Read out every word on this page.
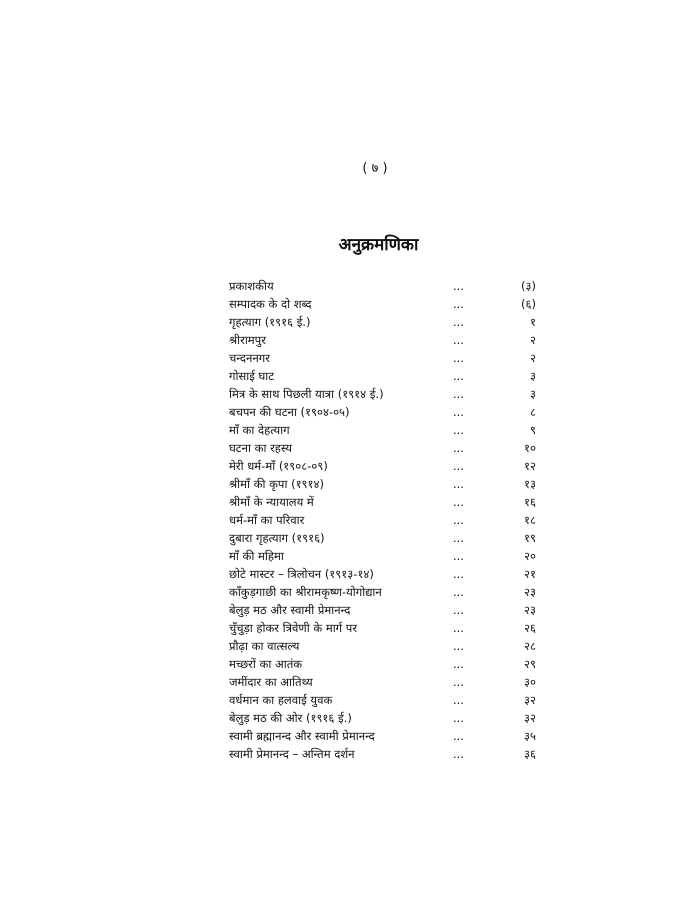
( ७ )
अनुक्रमणिका
प्रकाशकीय	...	(३)
सम्पादक के दो शब्द	...	(६)
गृहत्याग (१९१६ ई.)	...	१
श्रीरामपुर	...	२
चन्दननगर	...	२
गोसाई घाट	...	३
मित्र के साथ पिछली यात्रा (१९१४ ई.)	...	३
बचपन की घटना (१९०४-०५)	...	८
माँ का देहत्याग	...	९
घटना का रहस्य	...	१०
मेरी धर्म-माँ (१९०८-०९)	...	१२
श्रीमाँ की कृपा (१९१४)	...	१३
श्रीमाँ के न्यायालय में	...	१६
धर्म-माँ का परिवार	...	१८
दुबारा गृहत्याग (१९१६)	...	१९
माँ की महिमा	...	२०
छोटे मास्टर – त्रिलोचन (१९१३-१४)	...	२१
काँकुड़गाछी का श्रीरामकृष्ण-योगोद्यान	...	२३
बेलुड़ मठ और स्वामी प्रेमानन्द	...	२३
चुँचुड़ा होकर त्रिवेणी के मार्ग पर	...	२६
प्रौढ़ा का वात्सल्य	...	२८
मच्छरों का आतंक	...	२९
जमींदार का आतिथ्य	...	३०
वर्धमान का हलवाई युवक	...	३२
बेलुड़ मठ की ओर (१९१६ ई.)	...	३२
स्वामी ब्रह्मानन्द और स्वामी प्रेमानन्द	...	३५
स्वामी प्रेमानन्द – अन्तिम दर्शन	...	३६
